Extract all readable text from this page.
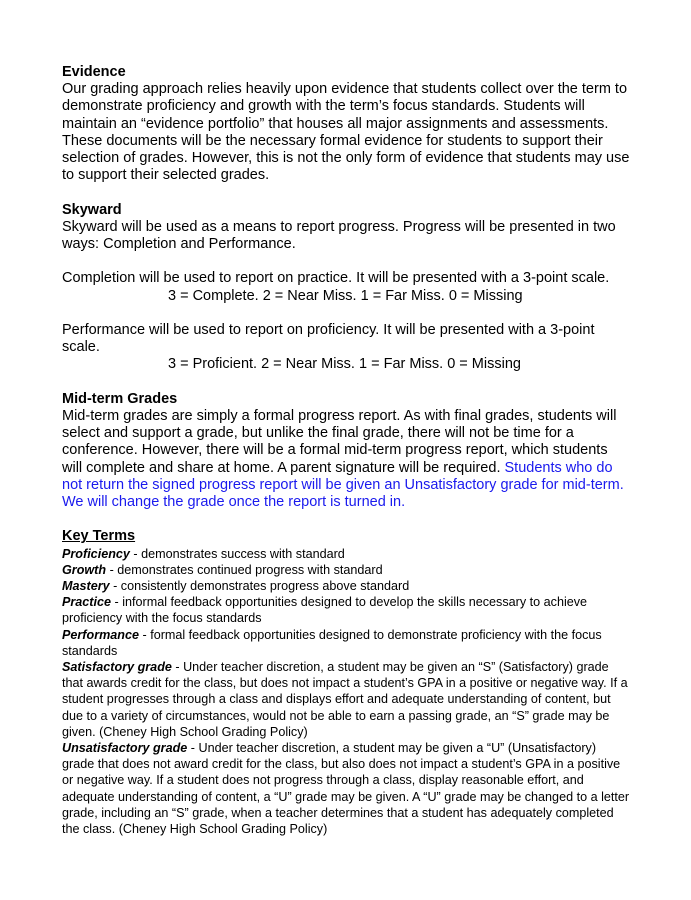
Evidence

Our grading approach relies heavily upon evidence that students collect over the term to demonstrate proficiency and growth with the term’s focus standards. Students will maintain an “evidence portfolio” that houses all major assignments and assessments. These documents will be the necessary formal evidence for students to support their selection of grades. However, this is not the only form of evidence that students may use to support their selected grades.

Skyward

Skyward will be used as a means to report progress. Progress will be presented in two ways: Completion and Performance.

Completion will be used to report on practice. It will be presented with a 3-point scale.

3 = Complete. 2 = Near Miss. 1 = Far Miss. 0 = Missing

Performance will be used to report on proficiency. It will be presented with a 3-point scale.

3 = Proficient. 2 = Near Miss. 1 = Far Miss. 0 = Missing

Mid-term Grades

Mid-term grades are simply a formal progress report. As with final grades, students will select and support a grade, but unlike the final grade, there will not be time for a conference. However, there will be a formal mid-term progress report, which students will complete and share at home. A parent signature will be required. Students who do not return the signed progress report will be given an Unsatisfactory grade for mid-term. We will change the grade once the report is turned in.

Key Terms

Proficiency - demonstrates success with standard

Growth - demonstrates continued progress with standard

Mastery - consistently demonstrates progress above standard

Practice - informal feedback opportunities designed to develop the skills necessary to achieve proficiency with the focus standards

Performance - formal feedback opportunities designed to demonstrate proficiency with the focus standards

Satisfactory grade - Under teacher discretion, a student may be given an “S” (Satisfactory) grade that awards credit for the class, but does not impact a student’s GPA in a positive or negative way. If a student progresses through a class and displays effort and adequate understanding of content, but due to a variety of circumstances, would not be able to earn a passing grade, an “S” grade may be given. (Cheney High School Grading Policy)

Unsatisfactory grade - Under teacher discretion, a student may be given a “U” (Unsatisfactory) grade that does not award credit for the class, but also does not impact a student’s GPA in a positive or negative way. If a student does not progress through a class, display reasonable effort, and adequate understanding of content, a “U” grade may be given. A “U” grade may be changed to a letter grade, including an “S” grade, when a teacher determines that a student has adequately completed the class. (Cheney High School Grading Policy)
